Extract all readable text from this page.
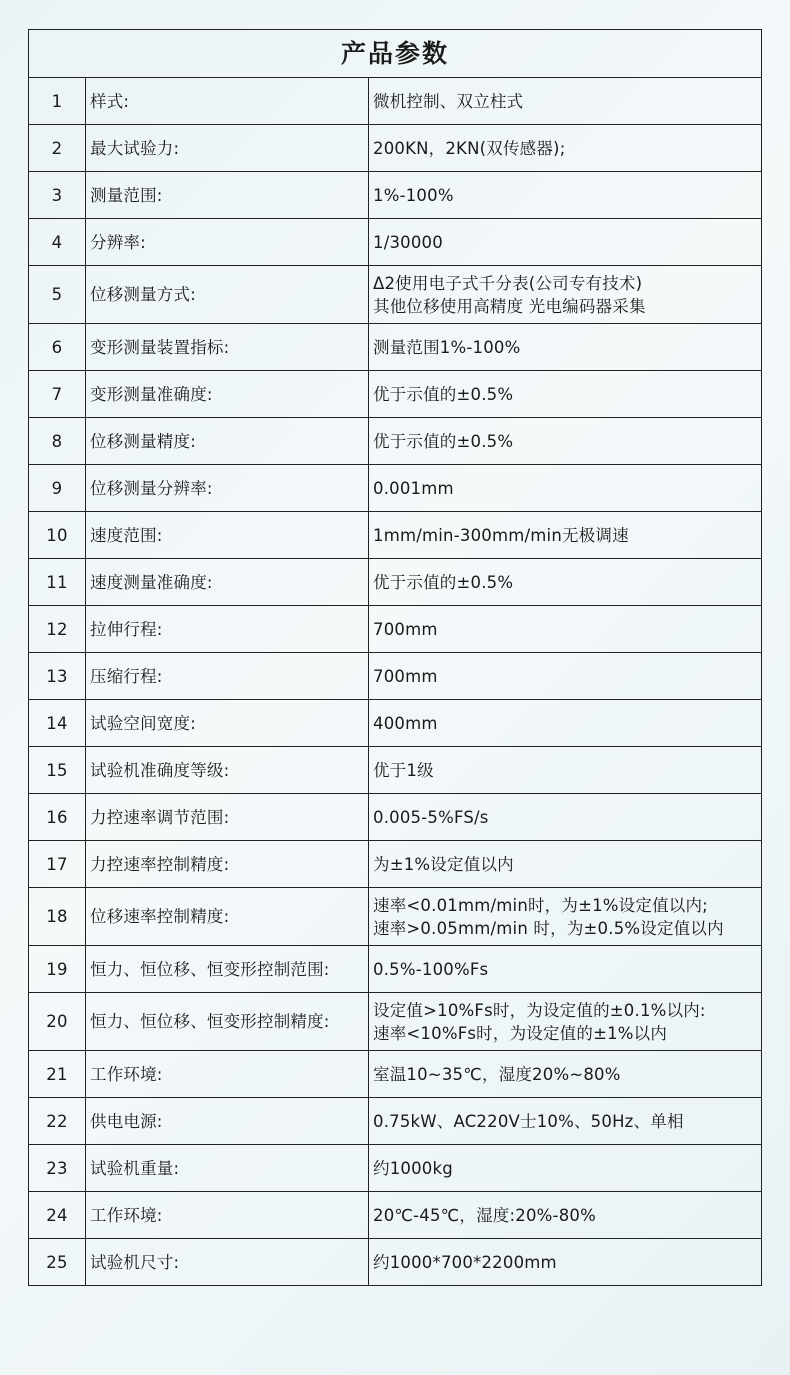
产品参数		
1	样式:	微机控制、双立柱式

2	最大试验力:	200KN，2KN(双传感器);

3	测量范围:	1%-100%

4	分辨率:	1/30000

5	位移测量方式:	Δ2使用电子式千分表(公司专有技术)
其他位移使用高精度 光电编码器采集

6	变形测量装置指标:	测量范围1%-100%

7	变形测量准确度:	优于示值的±0.5%

8	位移测量精度:	优于示值的±0.5%

9	位移测量分辨率:	0.001mm

10	速度范围:	1mm/min-300mm/min无极调速

11	速度测量准确度:	优于示值的±0.5%

12	拉伸行程:	700mm

13	压缩行程:	700mm

14	试验空间宽度:	400mm

15	试验机准确度等级:	优于1级

16	力控速率调节范围:	0.005-5%FS/s

17	力控速率控制精度:	为±1%设定值以内

18	位移速率控制精度:	速率<0.01mm/min时，为±1%设定值以内;
速率>0.05mm/min 时，为±0.5%设定值以内

19	恒力、恒位移、恒变形控制范围:	0.5%-100%Fs

20	恒力、恒位移、恒变形控制精度:	设定值>10%Fs时，为设定值的±0.1%以内:
速率<10%Fs时，为设定值的±1%以内

21	工作环境:	室温10~35℃，湿度20%~80%

22	供电电源:	0.75kW、AC220V士10%、50Hz、单相

23	试验机重量:	约1000kg

24	工作环境:	20℃-45℃，湿度:20%-80%

25	试验机尺寸:	约1000*700*2200mm
